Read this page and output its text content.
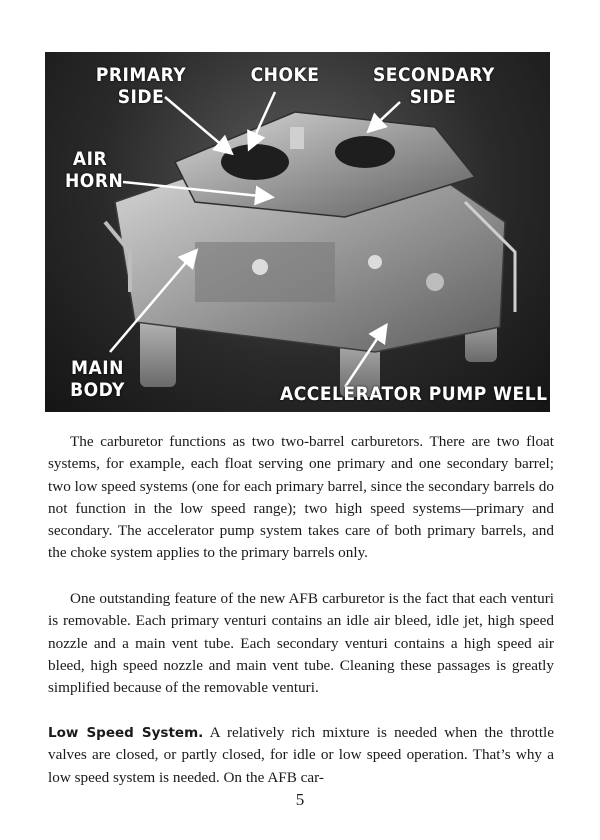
PRIMARY SIDE
CHOKE	SECONDARY SIDE
AIR HORN
MAIN BODY	ACCELERATOR PUMP WELL

The carburetor functions as two two-barrel carburetors. There are two float systems, for example, each float serving one primary and one secondary barrel; two low speed systems (one for each primary barrel, since the secondary barrels do not function in the low speed range); two high speed systems—primary and secondary. The accelerator pump system takes care of both primary barrels, and the choke system applies to the primary barrels only.

One outstanding feature of the new AFB carburetor is the fact that each venturi is removable. Each primary venturi contains an idle air bleed, idle jet, high speed nozzle and a main vent tube. Each secondary venturi contains a high speed air bleed, high speed nozzle and main vent tube. Cleaning these passages is greatly simplified because of the removable venturi.

Low Speed System. A relatively rich mixture is needed when the throttle valves are closed, or partly closed, for idle or low speed operation. That’s why a low speed system is needed. On the AFB car-

5
